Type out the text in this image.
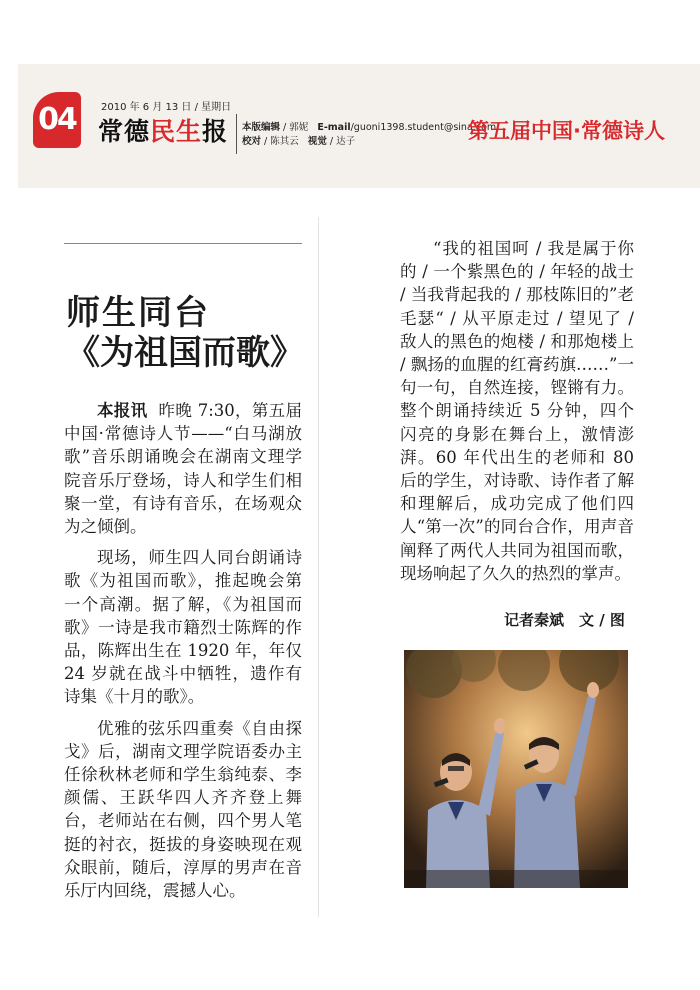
04	2010 年 6 月 13 日 / 星期日
常德民生报 本版编辑 / 郭妮 E-mail/guoni1398.student@sina.com
校对 / 陈其云 视觉 / 达子	第五届中国·常德诗人
师生同台
《为祖国而歌》

本报讯 昨晚 7:30，第五届中国·常德诗人节——“白马湖放歌”音乐朗诵晚会在湖南文理学院音乐厅登场，诗人和学生们相聚一堂，有诗有音乐，在场观众为之倾倒。

现场，师生四人同台朗诵诗歌《为祖国而歌》，推起晚会第一个高潮。据了解，《为祖国而歌》一诗是我市籍烈士陈辉的作品，陈辉出生在 1920 年，年仅 24 岁就在战斗中牺牲，遗作有诗集《十月的歌》。

优雅的弦乐四重奏《自由探戈》后，湖南文理学院语委办主任徐秋林老师和学生翁纯泰、李颜儒、王跃华四人齐齐登上舞台，老师站在右侧，四个男人笔挺的衬衣，挺拔的身姿映现在观众眼前，随后，淳厚的男声在音乐厅内回绕，震撼人心。

“我的祖国呵 / 我是属于你的 / 一个紫黑色的 / 年轻的战士 / 当我背起我的 / 那枝陈旧的”老毛瑟“ / 从平原走过 / 望见了 / 敌人的黑色的炮楼 / 和那炮楼上 / 飘扬的血腥的红膏药旗……”一句一句，自然连接，铿锵有力。整个朗诵持续近 5 分钟，四个闪亮的身影在舞台上，激情澎湃。60 年代出生的老师和 80 后的学生，对诗歌、诗作者了解和理解后，成功完成了他们四人“第一次”的同台合作，用声音阐释了两代人共同为祖国而歌，现场响起了久久的热烈的掌声。

记者秦斌　文 / 图
